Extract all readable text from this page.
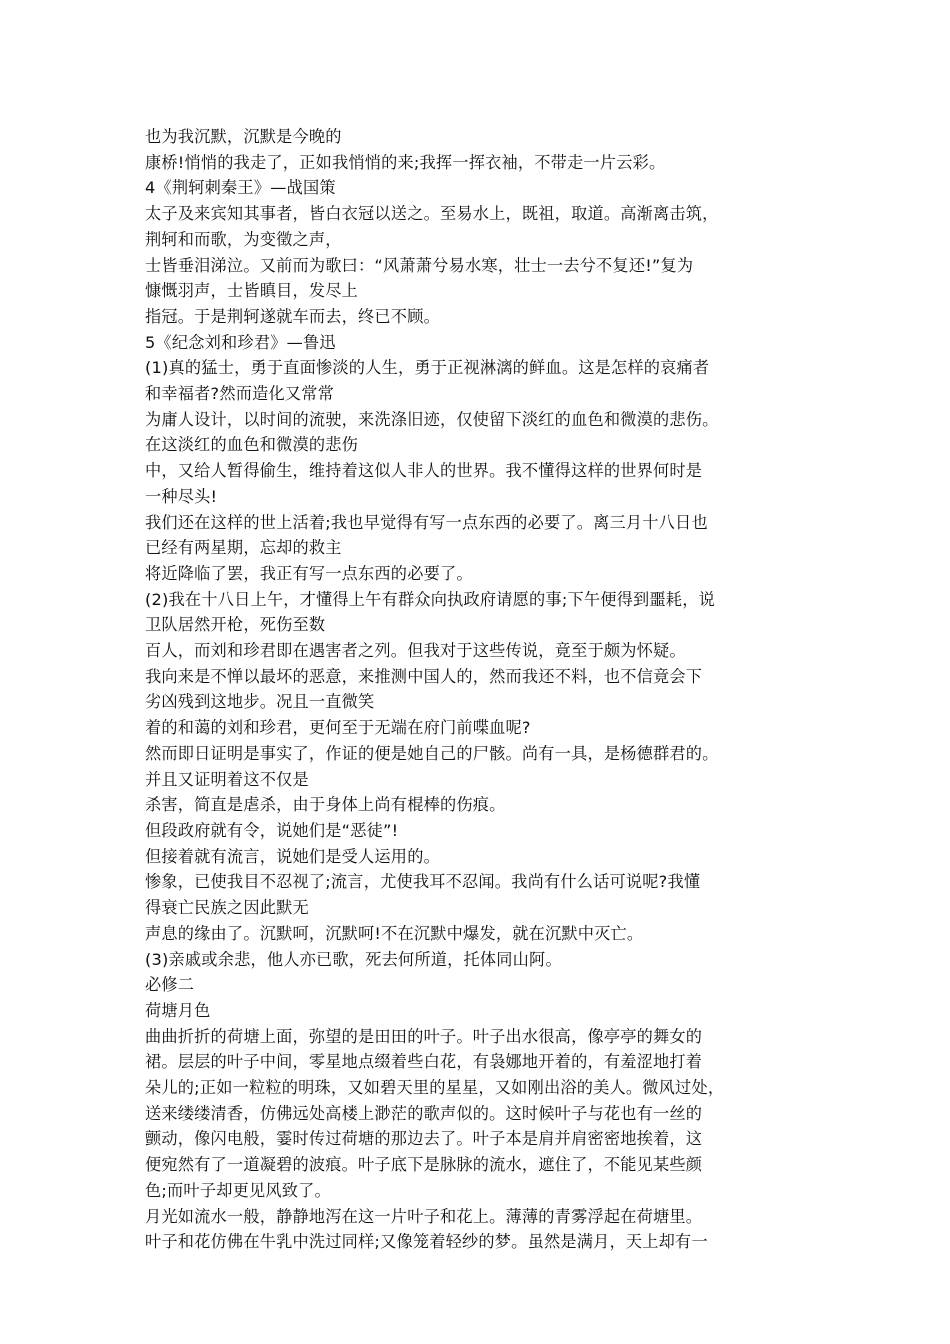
也为我沉默，沉默是今晚的
康桥!悄悄的我走了，正如我悄悄的来;我挥一挥衣袖，不带走一片云彩。
4《荆轲刺秦王》—战国策
太子及来宾知其事者，皆白衣冠以送之。至易水上，既祖，取道。高渐离击筑，
荆轲和而歌，为变徵之声，
士皆垂泪涕泣。又前而为歌曰：“风萧萧兮易水寒，壮士一去兮不复还!”复为
慷慨羽声，士皆瞋目，发尽上
指冠。于是荆轲遂就车而去，终已不顾。
5《纪念刘和珍君》—鲁迅
(1)真的猛士，勇于直面惨淡的人生，勇于正视淋漓的鲜血。这是怎样的哀痛者
和幸福者?然而造化又常常
为庸人设计，以时间的流驶，来洗涤旧迹，仅使留下淡红的血色和微漠的悲伤。
在这淡红的血色和微漠的悲伤
中，又给人暂得偷生，维持着这似人非人的世界。我不懂得这样的世界何时是
一种尽头!
我们还在这样的世上活着;我也早觉得有写一点东西的必要了。离三月十八日也
已经有两星期，忘却的救主
将近降临了罢，我正有写一点东西的必要了。
(2)我在十八日上午，才懂得上午有群众向执政府请愿的事;下午便得到噩耗，说
卫队居然开枪，死伤至数
百人，而刘和珍君即在遇害者之列。但我对于这些传说，竟至于颇为怀疑。
我向来是不惮以最坏的恶意，来推测中国人的，然而我还不料，也不信竟会下
劣凶残到这地步。况且一直微笑
着的和蔼的刘和珍君，更何至于无端在府门前喋血呢?
然而即日证明是事实了，作证的便是她自己的尸骸。尚有一具，是杨德群君的。
并且又证明着这不仅是
杀害，简直是虐杀，由于身体上尚有棍棒的伤痕。
但段政府就有令，说她们是“恶徒”!
但接着就有流言，说她们是受人运用的。
惨象，已使我目不忍视了;流言，尤使我耳不忍闻。我尚有什么话可说呢?我懂
得衰亡民族之因此默无
声息的缘由了。沉默呵，沉默呵!不在沉默中爆发，就在沉默中灭亡。
(3)亲戚或余悲，他人亦已歌，死去何所道，托体同山阿。
必修二
荷塘月色
曲曲折折的荷塘上面，弥望的是田田的叶子。叶子出水很高，像亭亭的舞女的
裙。层层的叶子中间，零星地点缀着些白花，有袅娜地开着的，有羞涩地打着
朵儿的;正如一粒粒的明珠，又如碧天里的星星，又如刚出浴的美人。微风过处，
送来缕缕清香，仿佛远处高楼上渺茫的歌声似的。这时候叶子与花也有一丝的
颤动，像闪电般，霎时传过荷塘的那边去了。叶子本是肩并肩密密地挨着，这
便宛然有了一道凝碧的波痕。叶子底下是脉脉的流水，遮住了，不能见某些颜
色;而叶子却更见风致了。
月光如流水一般，静静地泻在这一片叶子和花上。薄薄的青雾浮起在荷塘里。
叶子和花仿佛在牛乳中洗过同样;又像笼着轻纱的梦。虽然是满月，天上却有一
